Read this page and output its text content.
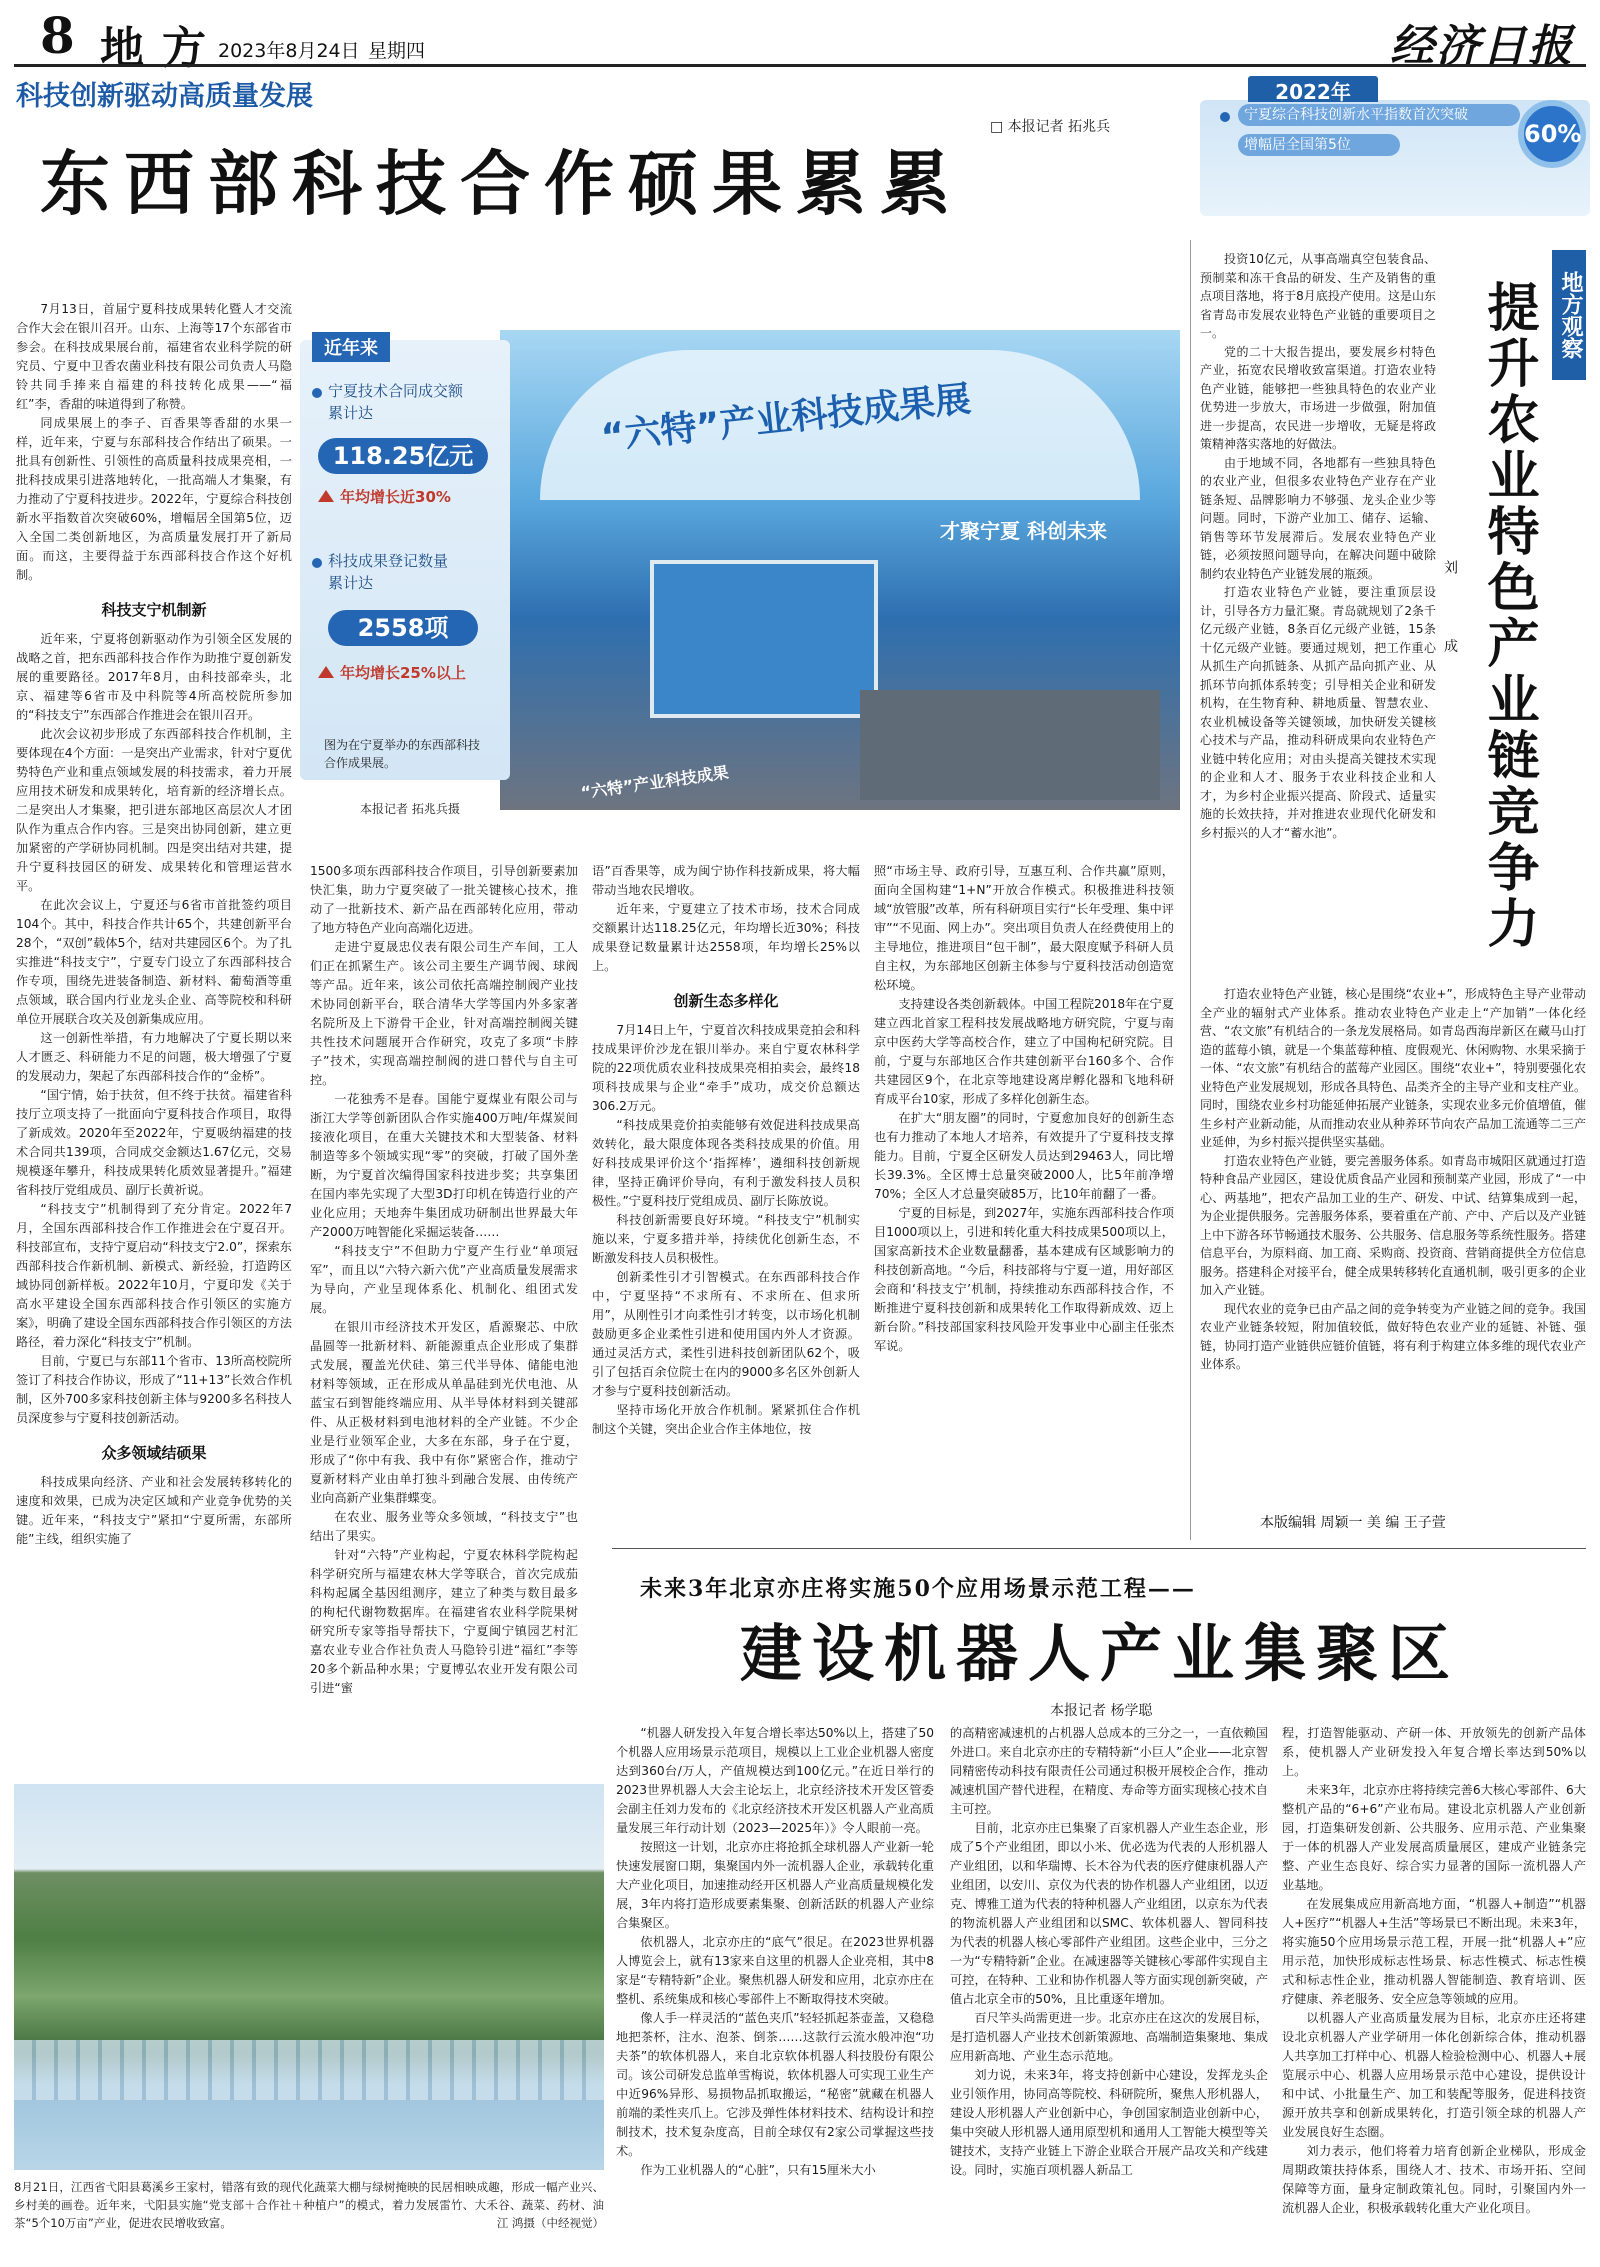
8 地方
2023年8月24日 星期四	经济日报
科技创新驱动高质量发展
□ 本报记者 拓兆兵
东西部科技合作硕果累累
2022年
宁夏综合科技创新水平指数首次突破
增幅居全国第5位	60%

7月13日，首届宁夏科技成果转化暨人才交流合作大会在银川召开。山东、上海等17个东部省市参会。在科技成果展台前，福建省农业科学院的研究员、宁夏中卫香农菌业科技有限公司负责人马隐铃共同手捧来自福建的科技转化成果——“福红”李，香甜的味道得到了称赞。

同成果展上的李子、百香果等香甜的水果一样，近年来，宁夏与东部科技合作结出了硕果。一批具有创新性、引领性的高质量科技成果亮相，一批科技成果引进落地转化，一批高端人才集聚，有力推动了宁夏科技进步。2022年，宁夏综合科技创新水平指数首次突破60%，增幅居全国第5位，迈入全国二类创新地区，为高质量发展打开了新局面。而这，主要得益于东西部科技合作这个好机制。

科技支宁机制新

近年来，宁夏将创新驱动作为引领全区发展的战略之首，把东西部科技合作作为助推宁夏创新发展的重要路径。2017年8月，由科技部牵头，北京、福建等6省市及中科院等4所高校院所参加的“科技支宁”东西部合作推进会在银川召开。

此次会议初步形成了东西部科技合作机制，主要体现在4个方面：一是突出产业需求，针对宁夏优势特色产业和重点领域发展的科技需求，着力开展应用技术研发和成果转化，培育新的经济增长点。二是突出人才集聚，把引进东部地区高层次人才团队作为重点合作内容。三是突出协同创新，建立更加紧密的产学研协同机制。四是突出结对共建，提升宁夏科技园区的研发、成果转化和管理运营水平。

在此次会议上，宁夏还与6省市首批签约项目104个。其中，科技合作共计65个，共建创新平台28个，“双创”载体5个，结对共建园区6个。为了扎实推进“科技支宁”，宁夏专门设立了东西部科技合作专项，围绕先进装备制造、新材料、葡萄酒等重点领域，联合国内行业龙头企业、高等院校和科研单位开展联合攻关及创新集成应用。

这一创新性举措，有力地解决了宁夏长期以来人才匮乏、科研能力不足的问题，极大增强了宁夏的发展动力，架起了东西部科技合作的“金桥”。

“国宁情，始于扶贫，但不终于扶贫。福建省科技厅立项支持了一批面向宁夏科技合作项目，取得了新成效。2020年至2022年，宁夏吸纳福建的技术合同共139项，合同成交金额达1.67亿元，交易规模逐年攀升，科技成果转化质效显著提升。”福建省科技厅党组成员、副厅长黄祈说。

“科技支宁”机制得到了充分肯定。2022年7月，全国东西部科技合作工作推进会在宁夏召开。科技部宣布，支持宁夏启动“科技支宁2.0”，探索东西部科技合作新机制、新模式、新经验，打造跨区域协同创新样板。2022年10月，宁夏印发《关于高水平建设全国东西部科技合作引领区的实施方案》，明确了建设全国东西部科技合作引领区的方法路径，着力深化“科技支宁”机制。

目前，宁夏已与东部11个省市、13所高校院所签订了科技合作协议，形成了“11+13”长效合作机制，区外700多家科技创新主体与9200多名科技人员深度参与宁夏科技创新活动。

众多领域结硕果

科技成果向经济、产业和社会发展转移转化的速度和效果，已成为决定区域和产业竞争优势的关键。近年来，“科技支宁”紧扣“宁夏所需，东部所能”主线，组织实施了

“六特”产业科技成果展
才聚宁夏 科创未来
“六特”产业科技成果
近年来
宁夏技术合同成交额
累计达
118.25亿元
年均增长近30%
科技成果登记数量
累计达
2558项
年均增长25%以上
图为在宁夏举办的东西部科技
合作成果展。
本报记者 拓兆兵摄

1500多项东西部科技合作项目，引导创新要素加快汇集，助力宁夏突破了一批关键核心技术，推动了一批新技术、新产品在西部转化应用，带动了地方特色产业向高端化迈进。

走进宁夏晟忠仪表有限公司生产车间，工人们正在抓紧生产。该公司主要生产调节阀、球阀等产品。近年来，该公司依托高端控制阀产业技术协同创新平台，联合清华大学等国内外多家著名院所及上下游骨干企业，针对高端控制阀关键共性技术问题展开合作研究，攻克了多项“卡脖子”技术，实现高端控制阀的进口替代与自主可控。

一花独秀不是春。国能宁夏煤业有限公司与浙江大学等创新团队合作实施400万吨/年煤炭间接液化项目，在重大关键技术和大型装备、材料制造等多个领域实现“零”的突破，打破了国外垄断，为宁夏首次编得国家科技进步奖；共享集团在国内率先实现了大型3D打印机在铸造行业的产业化应用；天地奔牛集团成功研制出世界最大年产2000万吨智能化采掘运装备……

“科技支宁”不但助力宁夏产生行业“单项冠军”，而且以“六特六新六优”产业高质量发展需求为导向，产业呈现体系化、机制化、组团式发展。

在银川市经济技术开发区，盾源聚芯、中欣晶圆等一批新材料、新能源重点企业形成了集群式发展，覆盖光伏硅、第三代半导体、储能电池材料等领域，正在形成从单晶硅到光伏电池、从蓝宝石到智能终端应用、从半导体材料到关键部件、从正极材料到电池材料的全产业链。不少企业是行业领军企业，大多在东部，身子在宁夏，形成了“你中有我、我中有你”紧密合作，推动宁夏新材料产业由单打独斗到融合发展、由传统产业向高新产业集群蝶变。

在农业、服务业等众多领域，“科技支宁”也结出了果实。

针对“六特”产业构起，宁夏农林科学院构起科学研究所与福建农林大学等联合，首次完成茄科构起属全基因组测序，建立了种类与数目最多的枸杞代谢物数据库。在福建省农业科学院果树研究所专家等指导帮扶下，宁夏闽宁镇园艺村汇嘉农业专业合作社负责人马隐铃引进“福红”李等20多个新品种水果；宁夏博弘农业开发有限公司引进“蜜

语”百香果等，成为闽宁协作科技新成果，将大幅带动当地农民增收。

近年来，宁夏建立了技术市场，技术合同成交额累计达118.25亿元，年均增长近30%；科技成果登记数量累计达2558项，年均增长25%以上。

创新生态多样化

7月14日上午，宁夏首次科技成果竞拍会和科技成果评价沙龙在银川举办。来自宁夏农林科学院的22项优质农业科技成果亮相拍卖会，最终18项科技成果与企业“牵手”成功，成交价总额达306.2万元。

“科技成果竞价拍卖能够有效促进科技成果高效转化，最大限度体现各类科技成果的价值。用好科技成果评价这个‘指挥棒’，遴细科技创新规律，坚持正确评价导向，有利于激发科技人员积极性。”宁夏科技厅党组成员、副厅长陈放说。

科技创新需要良好环境。“科技支宁”机制实施以来，宁夏多措并举，持续优化创新生态，不断激发科技人员积极性。

创新柔性引才引智模式。在东西部科技合作中，宁夏坚持“不求所有、不求所在、但求所用”，从刚性引才向柔性引才转变，以市场化机制鼓励更多企业柔性引进和使用国内外人才资源。通过灵活方式，柔性引进科技创新团队62个，吸引了包括百余位院士在内的9000多名区外创新人才参与宁夏科技创新活动。

坚持市场化开放合作机制。紧紧抓住合作机制这个关键，突出企业合作主体地位，按

照“市场主导、政府引导，互惠互利、合作共赢”原则，面向全国构建“1+N”开放合作模式。积极推进科技领域“放管服”改革，所有科研项目实行“长年受理、集中评审”“不见面、网上办”。突出项目负责人在经费使用上的主导地位，推进项目“包干制”，最大限度赋予科研人员自主权，为东部地区创新主体参与宁夏科技活动创造宽松环境。

支持建设各类创新载体。中国工程院2018年在宁夏建立西北首家工程科技发展战略地方研究院，宁夏与南京中医药大学等高校合作，建立了中国枸杞研究院。目前，宁夏与东部地区合作共建创新平台160多个、合作共建园区9个，在北京等地建设离岸孵化器和飞地科研育成平台10家，形成了多样化创新生态。

在扩大“朋友圈”的同时，宁夏愈加良好的创新生态也有力推动了本地人才培养，有效提升了宁夏科技支撑能力。目前，宁夏全区研发人员达到29463人，同比增长39.3%。全区博士总量突破2000人，比5年前净增70%；全区人才总量突破85万，比10年前翻了一番。

宁夏的目标是，到2027年，实施东西部科技合作项目1000项以上，引进和转化重大科技成果500项以上，国家高新技术企业数量翻番，基本建成有区域影响力的科技创新高地。“今后，科技部将与宁夏一道，用好部区会商和‘科技支宁’机制，持续推动东西部科技合作，不断推进宁夏科技创新和成果转化工作取得新成效、迈上新台阶。”科技部国家科技风险开发事业中心副主任张杰军说。

投资10亿元，从事高端真空包装食品、预制菜和冻干食品的研发、生产及销售的重点项目落地，将于8月底投产使用。这是山东省青岛市发展农业特色产业链的重要项目之一。

党的二十大报告提出，要发展乡村特色产业，拓宽农民增收致富渠道。打造农业特色产业链，能够把一些独具特色的农业产业优势进一步放大，市场进一步做强，附加值进一步提高，农民进一步增收，无疑是将政策精神落实落地的好做法。

由于地域不同，各地都有一些独具特色的农业产业，但很多农业特色产业存在产业链条短、品牌影响力不够强、龙头企业少等问题。同时，下游产业加工、储存、运输、销售等环节发展滞后。发展农业特色产业链，必须按照问题导向，在解决问题中破除制约农业特色产业链发展的瓶颈。

打造农业特色产业链，要注重顶层设计，引导各方力量汇聚。青岛就规划了2条千亿元级产业链，8条百亿元级产业链，15条十亿元级产业链。要通过规划，把工作重心从抓生产向抓链条、从抓产品向抓产业、从抓环节向抓体系转变；引导相关企业和研发机构，在生物育种、耕地质量、智慧农业、农业机械设备等关键领域，加快研发关键核心技术与产品，推动科研成果向农业特色产业链中转化应用；对由头提高关键技术实现的企业和人才、服务于农业科技企业和人才，为乡村企业振兴提高、阶段式、适量实施的长效扶持，并对推进农业现代化研发和乡村振兴的人才“蓄水池”。

刘 成
地方观察
提升农业特色产业链竞争力

打造农业特色产业链，核心是围绕“农业+”，形成特色主导产业带动全产业的辐射式产业体系。推动农业特色产业走上“产加销”一体化经营、“农文旅”有机结合的一条龙发展格局。如青岛西海岸新区在藏马山打造的蓝莓小镇，就是一个集蓝莓种植、度假观光、休闲购物、水果采摘于一体、“农文旅”有机结合的蓝莓产业园区。围绕“农业+”，特别要强化农业特色产业发展规划，形成各具特色、品类齐全的主导产业和支柱产业。同时，围绕农业乡村功能延伸拓展产业链条，实现农业多元价值增值，催生乡村产业新动能，从而推动农业从种养环节向农产品加工流通等二三产业延伸，为乡村振兴提供坚实基础。

打造农业特色产业链，要完善服务体系。如青岛市城阳区就通过打造特种食品产业园区，建设优质食品产业园和预制菜产业园，形成了“一中心、两基地”，把农产品加工业的生产、研发、中试、结算集成到一起，为企业提供服务。完善服务体系，要着重在产前、产中、产后以及产业链上中下游各环节畅通技术服务、公共服务、信息服务等系统性服务。搭建信息平台，为原料商、加工商、采购商、投资商、营销商提供全方位信息服务。搭建科企对接平台，健全成果转移转化直通机制，吸引更多的企业加入产业链。

现代农业的竞争已由产品之间的竞争转变为产业链之间的竞争。我国农业产业链条较短，附加值较低，做好特色农业产业的延链、补链、强链，协同打造产业链供应链价值链，将有利于构建立体多维的现代农业产业体系。

本版编辑 周颖一 美 编 王子萱
8月21日，江西省弋阳县葛溪乡王家村，错落有致的现代化蔬菜大棚与绿树掩映的民居相映成趣，形成一幅产业兴、乡村美的画卷。近年来，弋阳县实施“党支部＋合作社＋种植户”的模式，着力发展雷竹、大禾谷、蔬菜、药材、油茶“5个10万亩”产业，促进农民增收致富。	江 鸿摄（中经视觉）
未来3年北京亦庄将实施50个应用场景示范工程——
建设机器人产业集聚区
本报记者 杨学聪

“机器人研发投入年复合增长率达50%以上，搭建了50个机器人应用场景示范项目，规模以上工业企业机器人密度达到360台/万人，产值规模达到100亿元。”在近日举行的2023世界机器人大会主论坛上，北京经济技术开发区管委会副主任刘力发布的《北京经济技术开发区机器人产业高质量发展三年行动计划（2023—2025年）》令人眼前一亮。

按照这一计划，北京亦庄将抢抓全球机器人产业新一轮快速发展窗口期，集聚国内外一流机器人企业，承载转化重大产业化项目，加速推动经开区机器人产业高质量规模化发展，3年内将打造形成要素集聚、创新活跃的机器人产业综合集聚区。

依机器人，北京亦庄的“底气”很足。在2023世界机器人博览会上，就有13家来自这里的机器人企业亮相，其中8家是“专精特新”企业。聚焦机器人研发和应用，北京亦庄在整机、系统集成和核心零部件上不断取得技术突破。

像人手一样灵活的“蓝色夹爪”轻轻抓起茶壶盖，又稳稳地把茶杯，注水、泡茶、倒茶……这款行云流水般冲泡“功夫茶”的软体机器人，来自北京软体机器人科技股份有限公司。该公司研发总监单雪梅说，软体机器人可实现工业生产中近96%异形、易损物品抓取搬运，“秘密”就藏在机器人前端的柔性夹爪上。它涉及弹性体材料技术、结构设计和控制技术，技术复杂度高，目前全球仅有2家公司掌握这些技术。

作为工业机器人的“心脏”，只有15厘米大小

的高精密减速机的占机器人总成本的三分之一，一直依赖国外进口。来自北京亦庄的专精特新“小巨人”企业——北京智同精密传动科技有限责任公司通过积极开展校企合作，推动减速机国产替代进程，在精度、寿命等方面实现核心技术自主可控。

目前，北京亦庄已集聚了百家机器人产业生态企业，形成了5个产业组团，即以小米、优必选为代表的人形机器人产业组团，以和华瑞博、长木谷为代表的医疗健康机器人产业组团，以安川、京仪为代表的协作机器人产业组团，以迈克、博雅工道为代表的特种机器人产业组团，以京东为代表的物流机器人产业组团和以SMC、软体机器人、智同科技为代表的机器人核心零部件产业组团。这些企业中，三分之一为“专精特新”企业。在减速器等关键核心零部件实现自主可控，在特种、工业和协作机器人等方面实现创新突破，产值占北京全市的50%，且比重逐年增加。

百尺竿头尚需更进一步。北京亦庄在这次的发展目标，是打造机器人产业技术创新策源地、高端制造集聚地、集成应用新高地、产业生态示范地。

刘力说，未来3年，将支持创新中心建设，发挥龙头企业引领作用，协同高等院校、科研院所，聚焦人形机器人，建设人形机器人产业创新中心，争创国家制造业创新中心，集中突破人形机器人通用原型机和通用人工智能大模型等关键技术，支持产业链上下游企业联合开展产品攻关和产线建设。同时，实施百项机器人新品工

程，打造智能驱动、产研一体、开放领先的创新产品体系，使机器人产业研发投入年复合增长率达到50%以上。

未来3年，北京亦庄将持续完善6大核心零部件、6大整机产品的“6+6”产业布局。建设北京机器人产业创新园，打造集研发创新、公共服务、应用示范、产业集聚于一体的机器人产业发展高质量展区，建成产业链条完整、产业生态良好、综合实力显著的国际一流机器人产业基地。

在发展集成应用新高地方面，“机器人+制造”“机器人+医疗”“机器人+生活”等场景已不断出现。未来3年，将实施50个应用场景示范工程，开展一批“机器人+”应用示范，加快形成标志性场景、标志性模式、标志性模式和标志性企业，推动机器人智能制造、教育培训、医疗健康、养老服务、安全应急等领域的应用。

以机器人产业高质量发展为目标，北京亦庄还将建设北京机器人产业学研用一体化创新综合体，推动机器人共享加工打样中心、机器人检验检测中心、机器人+展览展示中心、机器人应用场景示范中心建设，提供设计和中试、小批量生产、加工和装配等服务，促进科技资源开放共享和创新成果转化，打造引领全球的机器人产业发展良好生态圈。

刘力表示，他们将着力培育创新企业梯队，形成金周期政策扶持体系，围绕人才、技术、市场开拓、空间保障等方面，量身定制政策礼包。同时，引聚国内外一流机器人企业，积极承载转化重大产业化项目。
